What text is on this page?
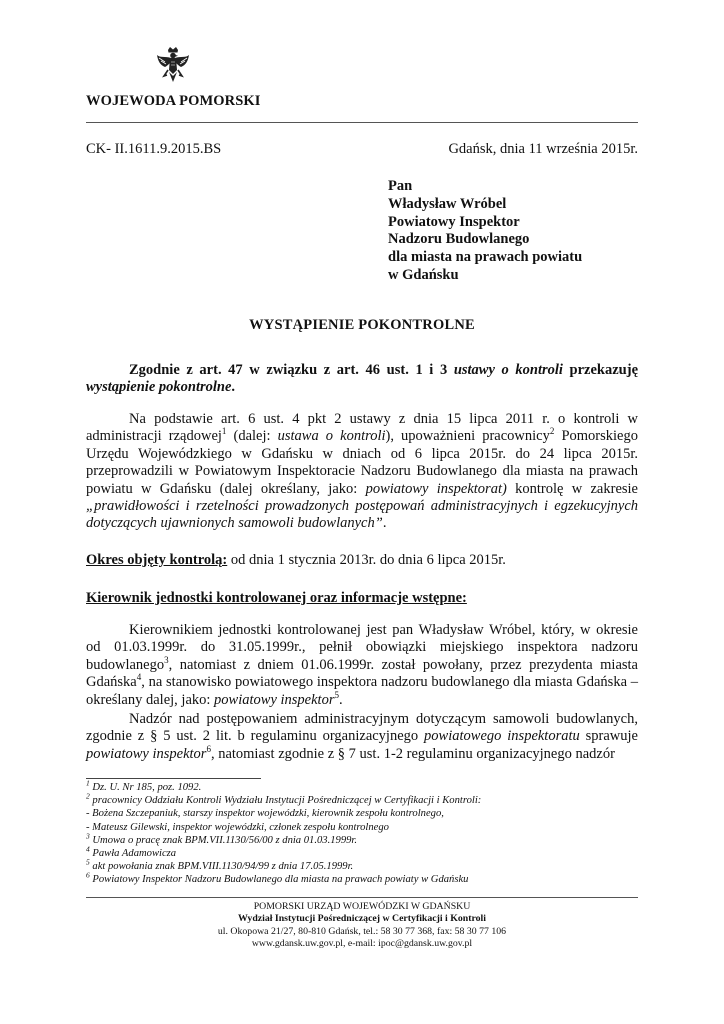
WOJEWODA POMORSKI
CK- II.1611.9.2015.BS	Gdańsk, dnia 11 września 2015r.
Pan
Władysław Wróbel
Powiatowy Inspektor
Nadzoru Budowlanego
dla miasta na prawach powiatu
w Gdańsku
WYSTĄPIENIE POKONTROLNE
Zgodnie z art. 47 w związku z art. 46 ust. 1 i 3 ustawy o kontroli przekazuję wystąpienie pokontrolne.
Na podstawie art. 6 ust. 4 pkt 2 ustawy z dnia 15 lipca 2011 r. o kontroli w administracji rządowej$^1$ (dalej: ustawa o kontroli), upoważnieni pracownicy$^2$ Pomorskiego Urzędu Wojewódzkiego w Gdańsku w dniach od 6 lipca 2015r. do 24 lipca 2015r. przeprowadzili w Powiatowym Inspektoracie Nadzoru Budowlanego dla miasta na prawach powiatu w Gdańsku (dalej określany, jako: powiatowy inspektorat) kontrolę w zakresie „prawidłowości i rzetelności prowadzonych postępowań administracyjnych i egzekucyjnych dotyczących ujawnionych samowoli budowlanych”.
Okres objęty kontrolą: od dnia 1 stycznia 2013r. do dnia 6 lipca 2015r.
Kierownik jednostki kontrolowanej oraz informacje wstępne:
Kierownikiem jednostki kontrolowanej jest pan Władysław Wróbel, który, w okresie od 01.03.1999r. do 31.05.1999r., pełnił obowiązki miejskiego inspektora nadzoru budowlanego$^3$, natomiast z dniem 01.06.1999r. został powołany, przez prezydenta miasta Gdańska$^4$, na stanowisko powiatowego inspektora nadzoru budowlanego dla miasta Gdańska – określany dalej, jako: powiatowy inspektor$^5$.
Nadzór nad postępowaniem administracyjnym dotyczącym samowoli budowlanych, zgodnie z § 5 ust. 2 lit. b regulaminu organizacyjnego powiatowego inspektoratu sprawuje powiatowy inspektor$^6$, natomiast zgodnie z § 7 ust. 1-2 regulaminu organizacyjnego nadzór
$^1$ Dz. U. Nr 185, poz. 1092.
$^2$ pracownicy Oddziału Kontroli Wydziału Instytucji Pośredniczącej w Certyfikacji i Kontroli:
- Bożena Szczepaniuk, starszy inspektor wojewódzki, kierownik zespołu kontrolnego,
- Mateusz Gilewski, inspektor wojewódzki, członek zespołu kontrolnego
$^3$ Umowa o pracę znak BPM.VII.1130/56/00 z dnia 01.03.1999r.
$^4$ Pawła Adamowicza
$^5$ akt powołania znak BPM.VIII.1130/94/99 z dnia 17.05.1999r.
$^6$ Powiatowy Inspektor Nadzoru Budowlanego dla miasta na prawach powiaty w Gdańsku
POMORSKI URZĄD WOJEWÓDZKI W GDAŃSKU
Wydział Instytucji Pośredniczącej w Certyfikacji i Kontroli
ul. Okopowa 21/27, 80-810 Gdańsk, tel.: 58 30 77 368, fax: 58 30 77 106
www.gdansk.uw.gov.pl, e-mail: ipoc@gdansk.uw.gov.pl
